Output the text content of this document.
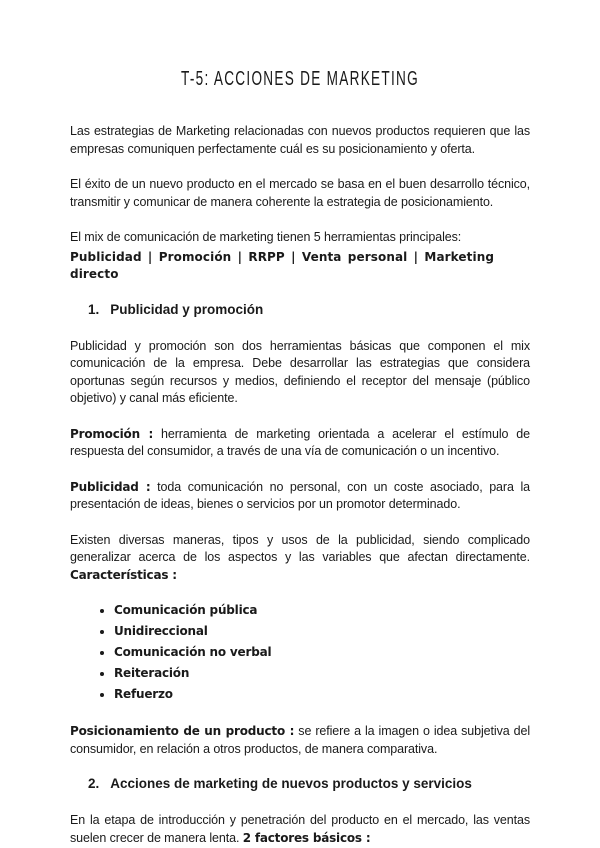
T-5: ACCIONES DE MARKETING

Las estrategias de Marketing relacionadas con nuevos productos requieren que las empresas comuniquen perfectamente cuál es su posicionamiento y oferta.

El éxito de un nuevo producto en el mercado se basa en el buen desarrollo técnico, transmitir y comunicar de manera coherente la estrategia de posicionamiento.

El mix de comunicación de marketing tienen 5 herramientas principales:

Publicidad | Promoción | RRPP | Venta personal | Marketing directo

1. Publicidad y promoción

Publicidad y promoción son dos herramientas básicas que componen el mix comunicación de la empresa. Debe desarrollar las estrategias que considera oportunas según recursos y medios, definiendo el receptor del mensaje (público objetivo) y canal más eficiente.

Promoción : herramienta de marketing orientada a acelerar el estímulo de respuesta del consumidor, a través de una vía de comunicación o un incentivo.

Publicidad : toda comunicación no personal, con un coste asociado, para la presentación de ideas, bienes o servicios por un promotor determinado.

Existen diversas maneras, tipos y usos de la publicidad, siendo complicado generalizar acerca de los aspectos y las variables que afectan directamente. Características :

• Comunicación pública
• Unidireccional
• Comunicación no verbal
• Reiteración
• Refuerzo

Posicionamiento de un producto : se refiere a la imagen o idea subjetiva del consumidor, en relación a otros productos, de manera comparativa.

2. Acciones de marketing de nuevos productos y servicios

En la etapa de introducción y penetración del producto en el mercado, las ventas suelen crecer de manera lenta. 2 factores básicos :
